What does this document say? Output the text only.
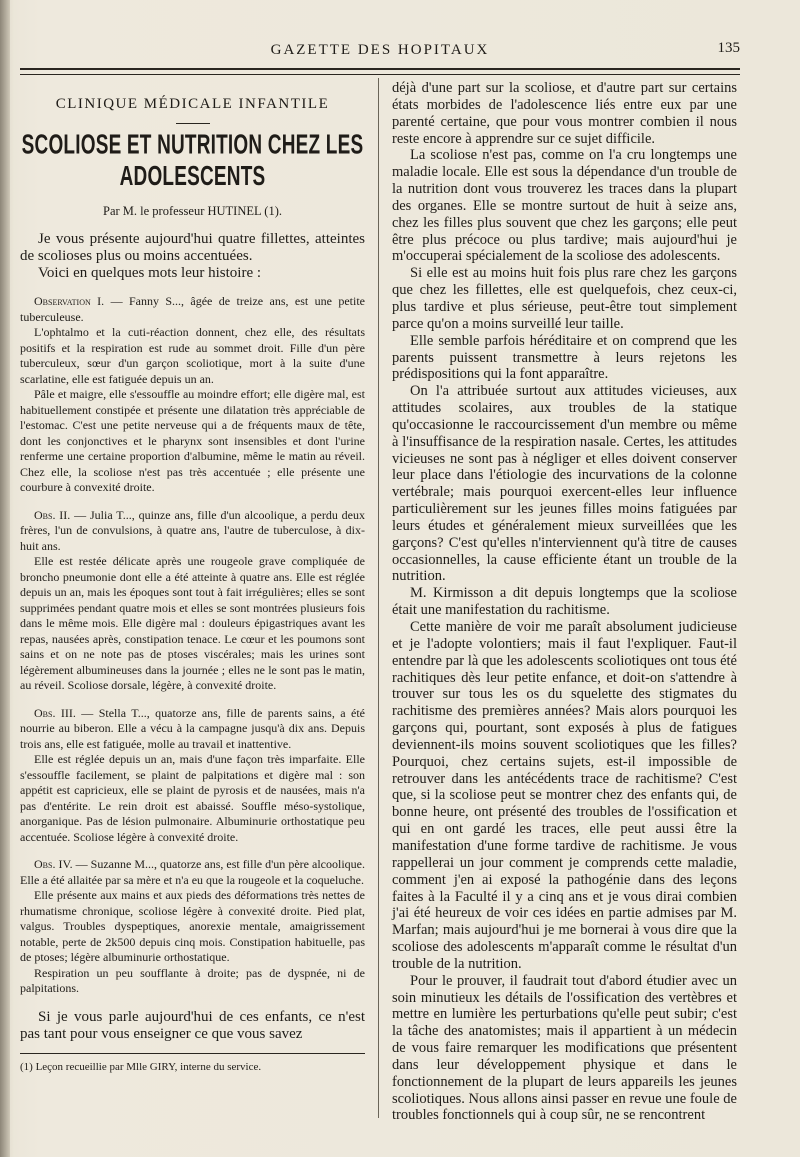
GAZETTE DES HOPITAUX	135
CLINIQUE MÉDICALE INFANTILE
SCOLIOSE ET NUTRITION CHEZ LES ADOLESCENTS
Par M. le professeur HUTINEL (1).

Je vous présente aujourd'hui quatre fillettes, atteintes de scolioses plus ou moins accentuées.

Voici en quelques mots leur histoire :

Observation I. — Fanny S..., âgée de treize ans, est une petite tuberculeuse.

L'ophtalmo et la cuti-réaction donnent, chez elle, des résultats positifs et la respiration est rude au sommet droit. Fille d'un père tuberculeux, sœur d'un garçon scoliotique, mort à la suite d'une scarlatine, elle est fatiguée depuis un an.

Pâle et maigre, elle s'essouffle au moindre effort; elle digère mal, est habituellement constipée et présente une dilatation très appréciable de l'estomac. C'est une petite nerveuse qui a de fréquents maux de tête, dont les conjonctives et le pharynx sont insensibles et dont l'urine renferme une certaine proportion d'albumine, même le matin au réveil. Chez elle, la scoliose n'est pas très accentuée ; elle présente une courbure à convexité droite.

Obs. II. — Julia T..., quinze ans, fille d'un alcoolique, a perdu deux frères, l'un de convulsions, à quatre ans, l'autre de tuberculose, à dix-huit ans.

Elle est restée délicate après une rougeole grave compliquée de broncho pneumonie dont elle a été atteinte à quatre ans. Elle est réglée depuis un an, mais les époques sont tout à fait irrégulières; elles se sont supprimées pendant quatre mois et elles se sont montrées plusieurs fois dans le même mois. Elle digère mal : douleurs épigastriques avant les repas, nausées après, constipation tenace. Le cœur et les poumons sont sains et on ne note pas de ptoses viscérales; mais les urines sont légèrement albumineuses dans la journée ; elles ne le sont pas le matin, au réveil. Scoliose dorsale, légère, à convexité droite.

Obs. III. — Stella T..., quatorze ans, fille de parents sains, a été nourrie au biberon. Elle a vécu à la campagne jusqu'à dix ans. Depuis trois ans, elle est fatiguée, molle au travail et inattentive.

Elle est réglée depuis un an, mais d'une façon très imparfaite. Elle s'essouffle facilement, se plaint de palpitations et digère mal : son appétit est capricieux, elle se plaint de pyrosis et de nausées, mais n'a pas d'entérite. Le rein droit est abaissé. Souffle méso-systolique, anorganique. Pas de lésion pulmonaire. Albuminurie orthostatique peu accentuée. Scoliose légère à convexité droite.

Obs. IV. — Suzanne M..., quatorze ans, est fille d'un père alcoolique. Elle a été allaitée par sa mère et n'a eu que la rougeole et la coqueluche.

Elle présente aux mains et aux pieds des déformations très nettes de rhumatisme chronique, scoliose légère à convexité droite. Pied plat, valgus. Troubles dyspeptiques, anorexie mentale, amaigrissement notable, perte de 2k500 depuis cinq mois. Constipation habituelle, pas de ptoses; légère albuminurie orthostatique.

Respiration un peu soufflante à droite; pas de dyspnée, ni de palpitations.

Si je vous parle aujourd'hui de ces enfants, ce n'est pas tant pour vous enseigner ce que vous savez

(1) Leçon recueillie par Mlle GIRY, interne du service.

déjà d'une part sur la scoliose, et d'autre part sur certains états morbides de l'adolescence liés entre eux par une parenté certaine, que pour vous montrer combien il nous reste encore à apprendre sur ce sujet difficile.

La scoliose n'est pas, comme on l'a cru longtemps une maladie locale. Elle est sous la dépendance d'un trouble de la nutrition dont vous trouverez les traces dans la plupart des organes. Elle se montre surtout de huit à seize ans, chez les filles plus souvent que chez les garçons; elle peut être plus précoce ou plus tardive; mais aujourd'hui je m'occuperai spécialement de la scoliose des adolescents.

Si elle est au moins huit fois plus rare chez les garçons que chez les fillettes, elle est quelquefois, chez ceux-ci, plus tardive et plus sérieuse, peut-être tout simplement parce qu'on a moins surveillé leur taille.

Elle semble parfois héréditaire et on comprend que les parents puissent transmettre à leurs rejetons les prédispositions qui la font apparaître.

On l'a attribuée surtout aux attitudes vicieuses, aux attitudes scolaires, aux troubles de la statique qu'occasionne le raccourcissement d'un membre ou même à l'insuffisance de la respiration nasale. Certes, les attitudes vicieuses ne sont pas à négliger et elles doivent conserver leur place dans l'étiologie des incurvations de la colonne vertébrale; mais pourquoi exercent-elles leur influence particulièrement sur les jeunes filles moins fatiguées par leurs études et généralement mieux surveillées que les garçons? C'est qu'elles n'interviennent qu'à titre de causes occasionnelles, la cause efficiente étant un trouble de la nutrition.

M. Kirmisson a dit depuis longtemps que la scoliose était une manifestation du rachitisme.

Cette manière de voir me paraît absolument judicieuse et je l'adopte volontiers; mais il faut l'expliquer. Faut-il entendre par là que les adolescents scoliotiques ont tous été rachitiques dès leur petite enfance, et doit-on s'attendre à trouver sur tous les os du squelette des stigmates du rachitisme des premières années? Mais alors pourquoi les garçons qui, pourtant, sont exposés à plus de fatigues deviennent-ils moins souvent scoliotiques que les filles? Pourquoi, chez certains sujets, est-il impossible de retrouver dans les antécédents trace de rachitisme? C'est que, si la scoliose peut se montrer chez des enfants qui, de bonne heure, ont présenté des troubles de l'ossification et qui en ont gardé les traces, elle peut aussi être la manifestation d'une forme tardive de rachitisme. Je vous rappellerai un jour comment je comprends cette maladie, comment j'en ai exposé la pathogénie dans des leçons faites à la Faculté il y a cinq ans et je vous dirai combien j'ai été heureux de voir ces idées en partie admises par M. Marfan; mais aujourd'hui je me bornerai à vous dire que la scoliose des adolescents m'apparaît comme le résultat d'un trouble de la nutrition.

Pour le prouver, il faudrait tout d'abord étudier avec un soin minutieux les détails de l'ossification des vertèbres et mettre en lumière les perturbations qu'elle peut subir; c'est la tâche des anatomistes; mais il appartient à un médecin de vous faire remarquer les modifications que présentent dans leur développement physique et dans le fonctionnement de la plupart de leurs appareils les jeunes scoliotiques. Nous allons ainsi passer en revue une foule de troubles fonctionnels qui à coup sûr, ne se rencontrent
